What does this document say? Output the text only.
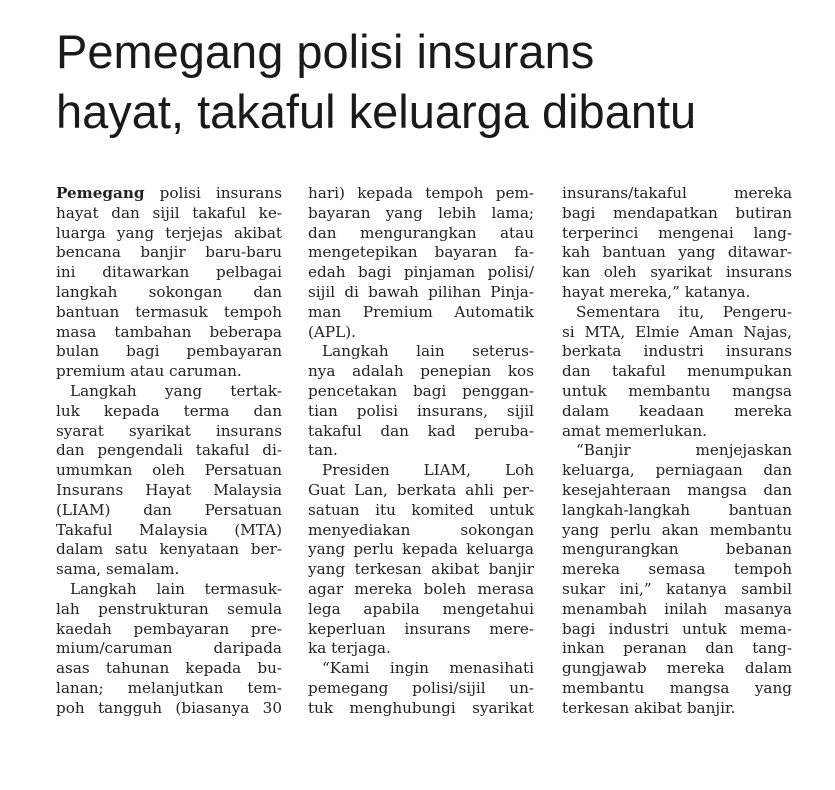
Pemegang polisi insurans
hayat, takaful keluarga dibantu
Pemegang polisi insurans
hayat dan sijil takaful ke-
luarga yang terjejas akibat
bencana banjir baru-baru
ini ditawarkan pelbagai
langkah sokongan dan
bantuan termasuk tempoh
masa tambahan beberapa
bulan bagi pembayaran
premium atau caruman.
Langkah yang tertak-
luk kepada terma dan
syarat syarikat insurans
dan pengendali takaful di-
umumkan oleh Persatuan
Insurans Hayat Malaysia
(LIAM) dan Persatuan
Takaful Malaysia (MTA)
dalam satu kenyataan ber-
sama, semalam.
Langkah lain termasuk-
lah penstrukturan semula
kaedah pembayaran pre-
mium/caruman daripada
asas tahunan kepada bu-
lanan; melanjutkan tem-
poh tangguh (biasanya 30
hari) kepada tempoh pem-
bayaran yang lebih lama;
dan mengurangkan atau
mengetepikan bayaran fa-
edah bagi pinjaman polisi/
sijil di bawah pilihan Pinja-
man Premium Automatik
(APL).
Langkah lain seterus-
nya adalah penepian kos
pencetakan bagi penggan-
tian polisi insurans, sijil
takaful dan kad peruba-
tan.
Presiden LIAM, Loh
Guat Lan, berkata ahli per-
satuan itu komited untuk
menyediakan sokongan
yang perlu kepada keluarga
yang terkesan akibat banjir
agar mereka boleh merasa
lega apabila mengetahui
keperluan insurans mere-
ka terjaga.
“Kami ingin menasihati
pemegang polisi/sijil un-
tuk menghubungi syarikat
insurans/takaful mereka
bagi mendapatkan butiran
terperinci mengenai lang-
kah bantuan yang ditawar-
kan oleh syarikat insurans
hayat mereka,” katanya.
Sementara itu, Pengeru-
si MTA, Elmie Aman Najas,
berkata industri insurans
dan takaful menumpukan
untuk membantu mangsa
dalam keadaan mereka
amat memerlukan.
“Banjir menjejaskan
keluarga, perniagaan dan
kesejahteraan mangsa dan
langkah-langkah bantuan
yang perlu akan membantu
mengurangkan bebanan
mereka semasa tempoh
sukar ini,” katanya sambil
menambah inilah masanya
bagi industri untuk mema-
inkan peranan dan tang-
gungjawab mereka dalam
membantu mangsa yang
terkesan akibat banjir.
